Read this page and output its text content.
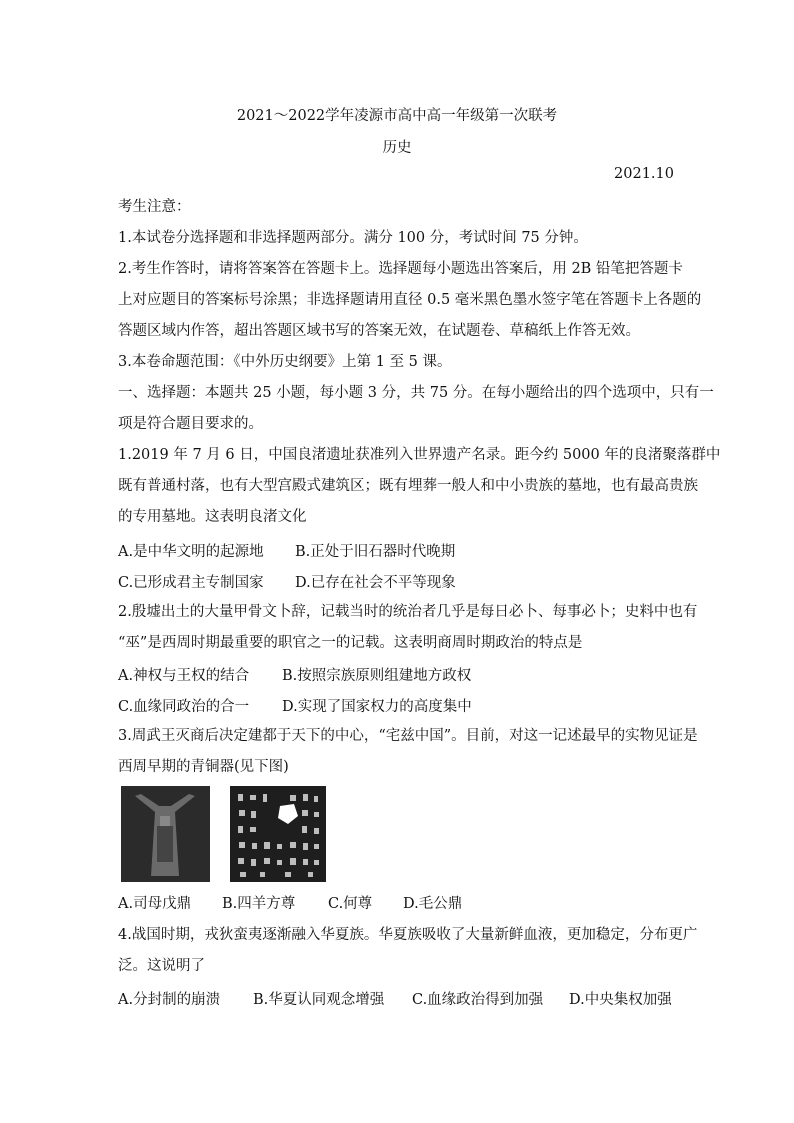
2021～2022学年凌源市高中高一年级第一次联考
历史
2021.10
考生注意：
1.本试卷分选择题和非选择题两部分。满分 100 分，考试时间 75 分钟。
2.考生作答时，请将答案答在答题卡上。选择题每小题选出答案后，用 2B 铅笔把答题卡
上对应题目的答案标号涂黑；非选择题请用直径 0.5 毫米黑色墨水签字笔在答题卡上各题的
答题区域内作答，超出答题区域书写的答案无效，在试题卷、草稿纸上作答无效。
3.本卷命题范围：《中外历史纲要》上第 1 至 5 课。
一、选择题：本题共 25 小题，每小题 3 分，共 75 分。在每小题给出的四个选项中，只有一
项是符合题目要求的。
1.2019 年 7 月 6 日，中国良渚遗址获准列入世界遗产名录。距今约 5000 年的良渚聚落群中
既有普通村落，也有大型宫殿式建筑区；既有埋葬一般人和中小贵族的墓地，也有最高贵族
的专用墓地。这表明良渚文化
A.是中华文明的起源地 B.正处于旧石器时代晚期
C.已形成君主专制国家 D.已存在社会不平等现象
2.殷墟出土的大量甲骨文卜辞，记载当时的统治者几乎是每日必卜、每事必卜；史料中也有
“巫”是西周时期最重要的职官之一的记载。这表明商周时期政治的特点是
A.神权与王权的结合 B.按照宗族原则组建地方政权
C.血缘同政治的合一 D.实现了国家权力的高度集中
3.周武王灭商后决定建都于天下的中心，“宅兹中国”。目前，对这一记述最早的实物见证是
西周早期的青铜器(见下图)
A.司母戊鼎 B.四羊方尊 C.何尊 D.毛公鼎
4.战国时期，戎狄蛮夷逐渐融入华夏族。华夏族吸收了大量新鲜血液，更加稳定，分布更广
泛。这说明了
A.分封制的崩溃 B.华夏认同观念增强 C.血缘政治得到加强 D.中央集权加强
